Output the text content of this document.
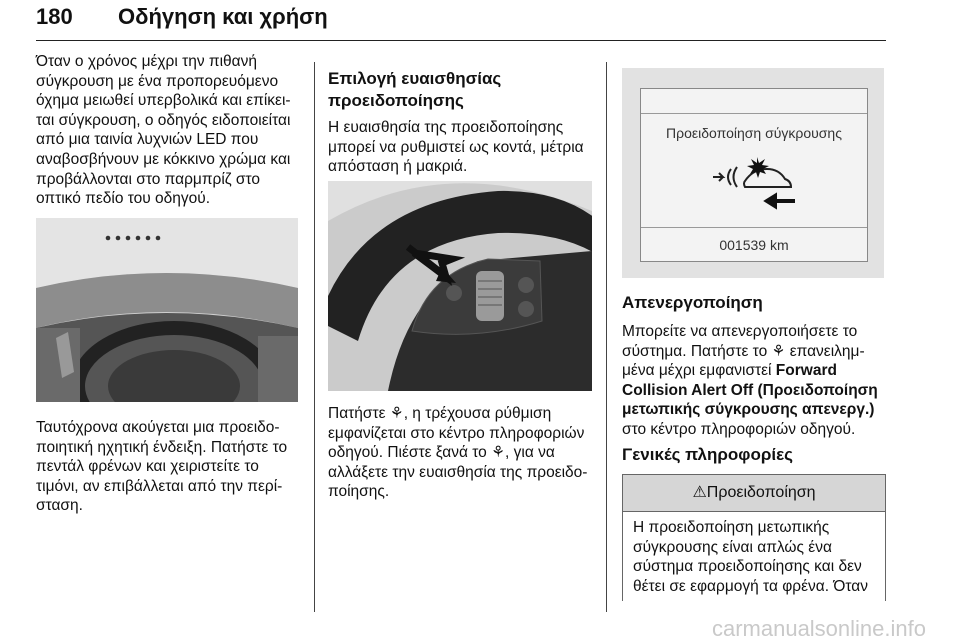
180 Οδήγηση και χρήση
Όταν ο χρόνος μέχρι την πιθανή
σύγκρουση με ένα προπορευόμενο
όχημα μειωθεί υπερβολικά και επίκει-
ται σύγκρουση, ο οδηγός ειδοποιείται
από μια ταινία λυχνιών LED που
αναβοσβήνουν με κόκκινο χρώμα και
προβάλλονται στο παρμπρίζ στο
οπτικό πεδίο του οδηγού.
Ταυτόχρονα ακούγεται μια προειδο-
ποιητική ηχητική ένδειξη. Πατήστε το
πεντάλ φρένων και χειριστείτε το
τιμόνι, αν επιβάλλεται από την περί-
σταση.
Επιλογή ευαισθησίας
προειδοποίησης
Η ευαισθησία της προειδοποίησης
μπορεί να ρυθμιστεί ως κοντά, μέτρια
απόσταση ή μακριά.
Πατήστε ⚘, η τρέχουσα ρύθμιση
εμφανίζεται στο κέντρο πληροφοριών
οδηγού. Πιέστε ξανά το ⚘, για να
αλλάξετε την ευαισθησία της προειδο-
ποίησης.
Προειδοποίηση σύγκρουσης
001539 km
Απενεργοποίηση
Μπορείτε να απενεργοποιήσετε το
σύστημα. Πατήστε το ⚘ επανειλημ-
μένα μέχρι εμφανιστεί Forward
Collision Alert Off (Προειδοποίηση
μετωπικής σύγκρουσης απενεργ.)
στο κέντρο πληροφοριών οδηγού.
Γενικές πληροφορίες
⚠Προειδοποίηση
Η προειδοποίηση μετωπικής
σύγκρουσης είναι απλώς ένα
σύστημα προειδοποίησης και δεν
θέτει σε εφαρμογή τα φρένα. Όταν
carmanualsonline.info
